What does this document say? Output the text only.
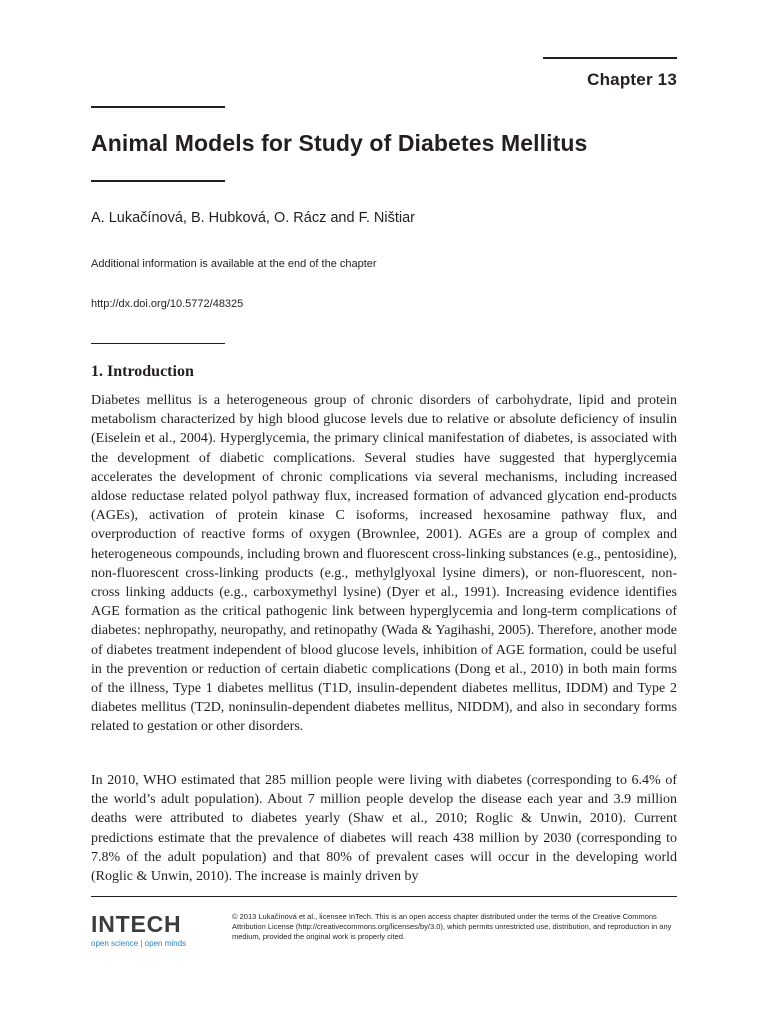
Chapter 13
Animal Models for Study of Diabetes Mellitus
A. Lukačínová, B. Hubková, O. Rácz and F. Ništiar
Additional information is available at the end of the chapter
http://dx.doi.org/10.5772/48325
1. Introduction

Diabetes mellitus is a heterogeneous group of chronic disorders of carbohydrate, lipid and protein metabolism characterized by high blood glucose levels due to relative or absolute deficiency of insulin (Eiselein et al., 2004). Hyperglycemia, the primary clinical manifestation of diabetes, is associated with the development of diabetic complications. Several studies have suggested that hyperglycemia accelerates the development of chronic complications via several mechanisms, including increased aldose reductase related polyol pathway flux, increased formation of advanced glycation end-products (AGEs), activation of protein kinase C isoforms, increased hexosamine pathway flux, and overproduction of reactive forms of oxygen (Brownlee, 2001). AGEs are a group of complex and heterogeneous compounds, including brown and fluorescent cross-linking substances (e.g., pentosidine), non-fluorescent cross-linking products (e.g., methylglyoxal lysine dimers), or non-fluorescent, non-cross linking adducts (e.g., carboxymethyl lysine) (Dyer et al., 1991). Increasing evidence identifies AGE formation as the critical pathogenic link between hyperglycemia and long-term complications of diabetes: nephropathy, neuropathy, and retinopathy (Wada & Yagihashi, 2005). Therefore, another mode of diabetes treatment independent of blood glucose levels, inhibition of AGE formation, could be useful in the prevention or reduction of certain diabetic complications (Dong et al., 2010) in both main forms of the illness, Type 1 diabetes mellitus (T1D, insulin-dependent diabetes mellitus, IDDM) and Type 2 diabetes mellitus (T2D, noninsulin-dependent diabetes mellitus, NIDDM), and also in secondary forms related to gestation or other disorders.

In 2010, WHO estimated that 285 million people were living with diabetes (corresponding to 6.4% of the world’s adult population). About 7 million people develop the disease each year and 3.9 million deaths were attributed to diabetes yearly (Shaw et al., 2010; Roglic & Unwin, 2010). Current predictions estimate that the prevalence of diabetes will reach 438 million by 2030 (corresponding to 7.8% of the adult population) and that 80% of prevalent cases will occur in the developing world (Roglic & Unwin, 2010). The increase is mainly driven by

INTECH
open science | open minds

© 2013 Lukačínová et al., licensee InTech. This is an open access chapter distributed under the terms of the Creative Commons Attribution License (http://creativecommons.org/licenses/by/3.0), which permits unrestricted use, distribution, and reproduction in any medium, provided the original work is properly cited.
